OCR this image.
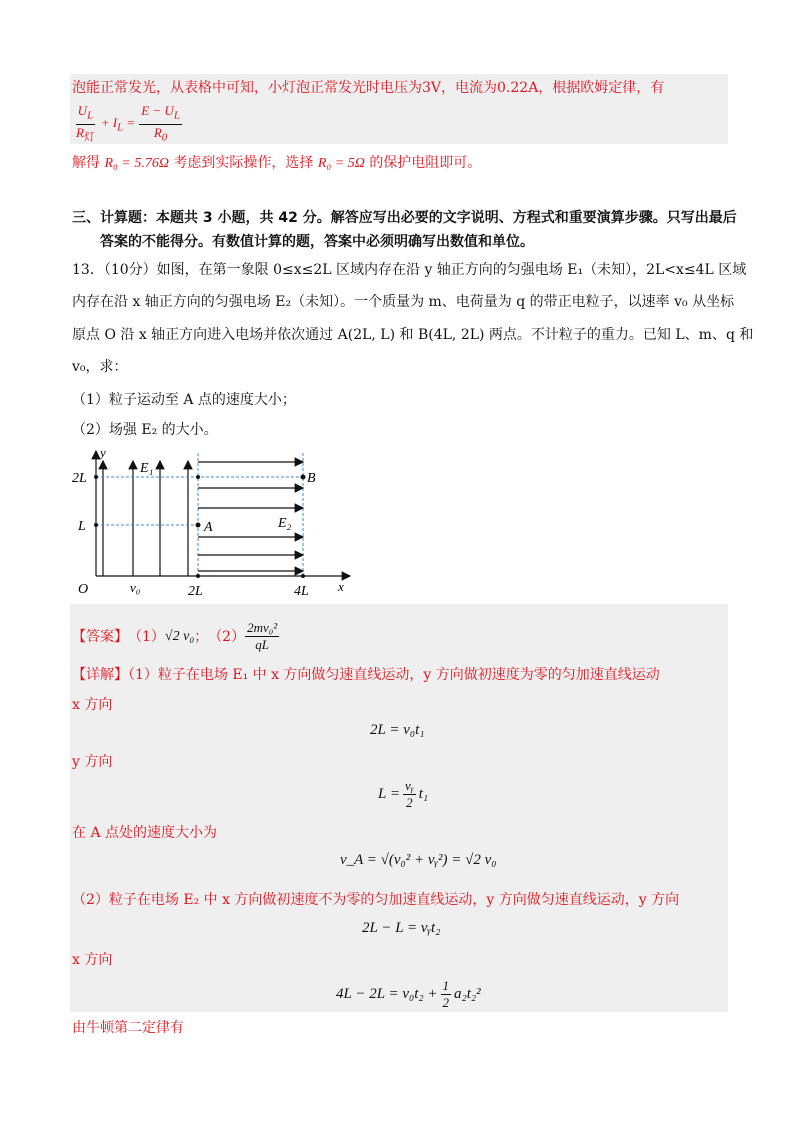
泡能正常发光，从表格中可知，小灯泡正常发光时电压为3V，电流为0.22A，根据欧姆定律，有
$\frac{U_L}{R_灯} + I_L = \frac{E - U_L}{R_0}$
解得 R₀ = 5.76Ω 考虑到实际操作，选择 R₀ = 5Ω 的保护电阻即可。
三、计算题：本题共 3 小题，共 42 分。解答应写出必要的文字说明、方程式和重要演算步骤。只写出最后
答案的不能得分。有数值计算的题，答案中必须明确写出数值和单位。
13．（10分）如图，在第一象限 0≤x≤2L 区域内存在沿 y 轴正方向的匀强电场 E₁（未知），2L<x≤4L 区域
内存在沿 x 轴正方向的匀强电场 E₂（未知）。一个质量为 m、电荷量为 q 的带正电粒子，以速率 v₀ 从坐标
原点 O 沿 x 轴正方向进入电场并依次通过 A(2L, L) 和 B(4L, 2L) 两点。不计粒子的重力。已知 L、m、q 和
v₀，求：
（1）粒子运动至 A 点的速度大小；
（2）场强 E₂ 的大小。
y
x
O
2L
L
2L	4L
E₁
E₂
A
B
v₀
【答案】 （1） √2 v₀ ； $(2) \frac{\text{2mv₀²}}{qL}$
【详解】（1）粒子在电场 E₁ 中 x 方向做匀速直线运动，y 方向做初速度为零的匀加速直线运动
x 方向
2L = v₀t₁
y 方向
$L = \frac{\text{vᵧ}}{2} t_1$
在 A 点处的速度大小为
v_A = √(v₀² + vᵧ²) = √2 v₀
（2）粒子在电场 E₂ 中 x 方向做初速度不为零的匀加速直线运动，y 方向做匀速直线运动，y 方向
2L − L = vᵧt₂
x 方向
$4L - 2L = v_0t_2 + \frac{1}{2} a_2t_2^2$
由牛顿第二定律有
